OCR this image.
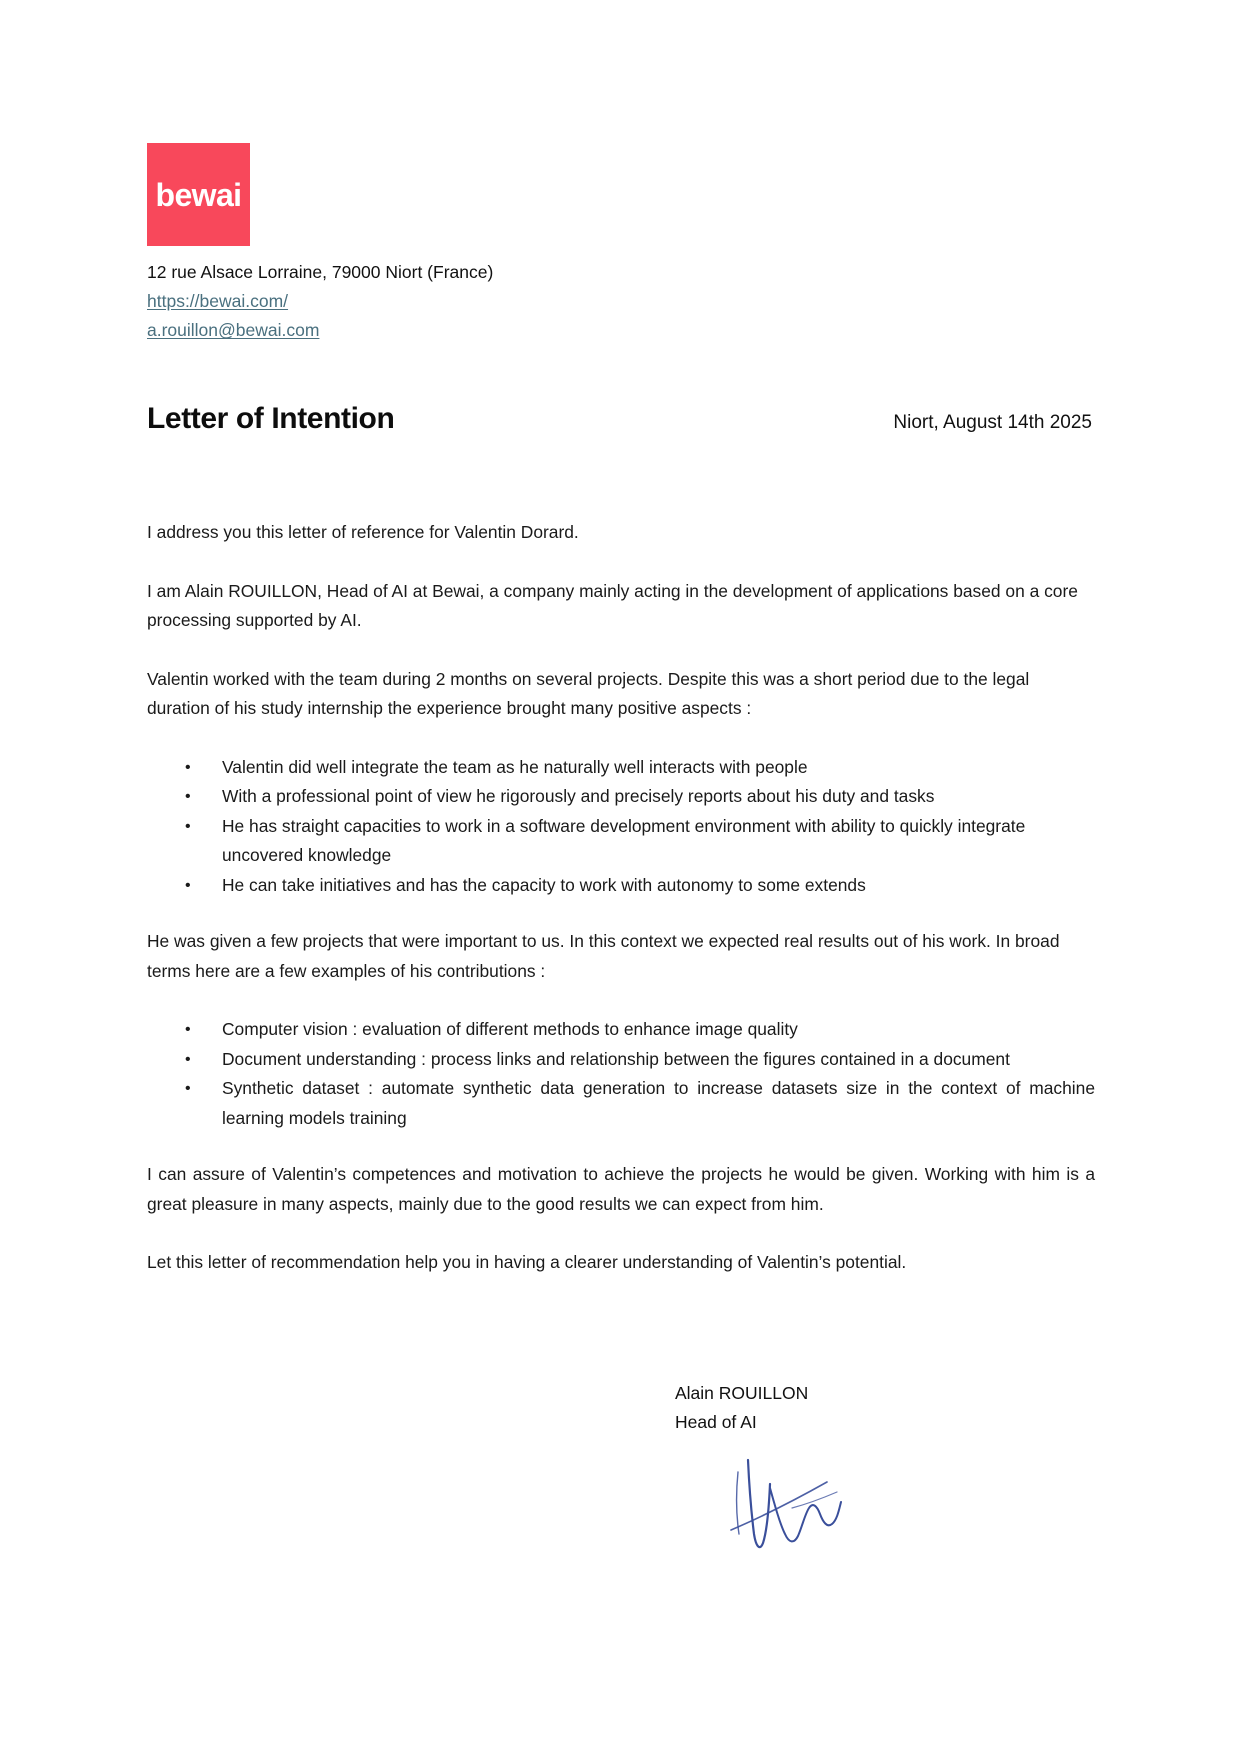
bewai
12 rue Alsace Lorraine, 79000 Niort (France)
https://bewai.com/
a.rouillon@bewai.com
Letter of Intention	Niort, August 14th 2025

I address you this letter of reference for Valentin Dorard.

I am Alain ROUILLON, Head of AI at Bewai, a company mainly acting in the development of applications based on a core processing supported by AI.

Valentin worked with the team during 2 months on several projects. Despite this was a short period due to the legal duration of his study internship the experience brought many positive aspects :

• Valentin did well integrate the team as he naturally well interacts with people
• With a professional point of view he rigorously and precisely reports about his duty and tasks
• He has straight capacities to work in a software development environment with ability to quickly integrate uncovered knowledge
• He can take initiatives and has the capacity to work with autonomy to some extends

He was given a few projects that were important to us. In this context we expected real results out of his work. In broad terms here are a few examples of his contributions :

• Computer vision : evaluation of different methods to enhance image quality
• Document understanding : process links and relationship between the figures contained in a document
• Synthetic dataset : automate synthetic data generation to increase datasets size in the context of machine learning models training

I can assure of Valentin’s competences and motivation to achieve the projects he would be given. Working with him is a great pleasure in many aspects, mainly due to the good results we can expect from him.

Let this letter of recommendation help you in having a clearer understanding of Valentin’s potential.

Alain ROUILLON
Head of AI
